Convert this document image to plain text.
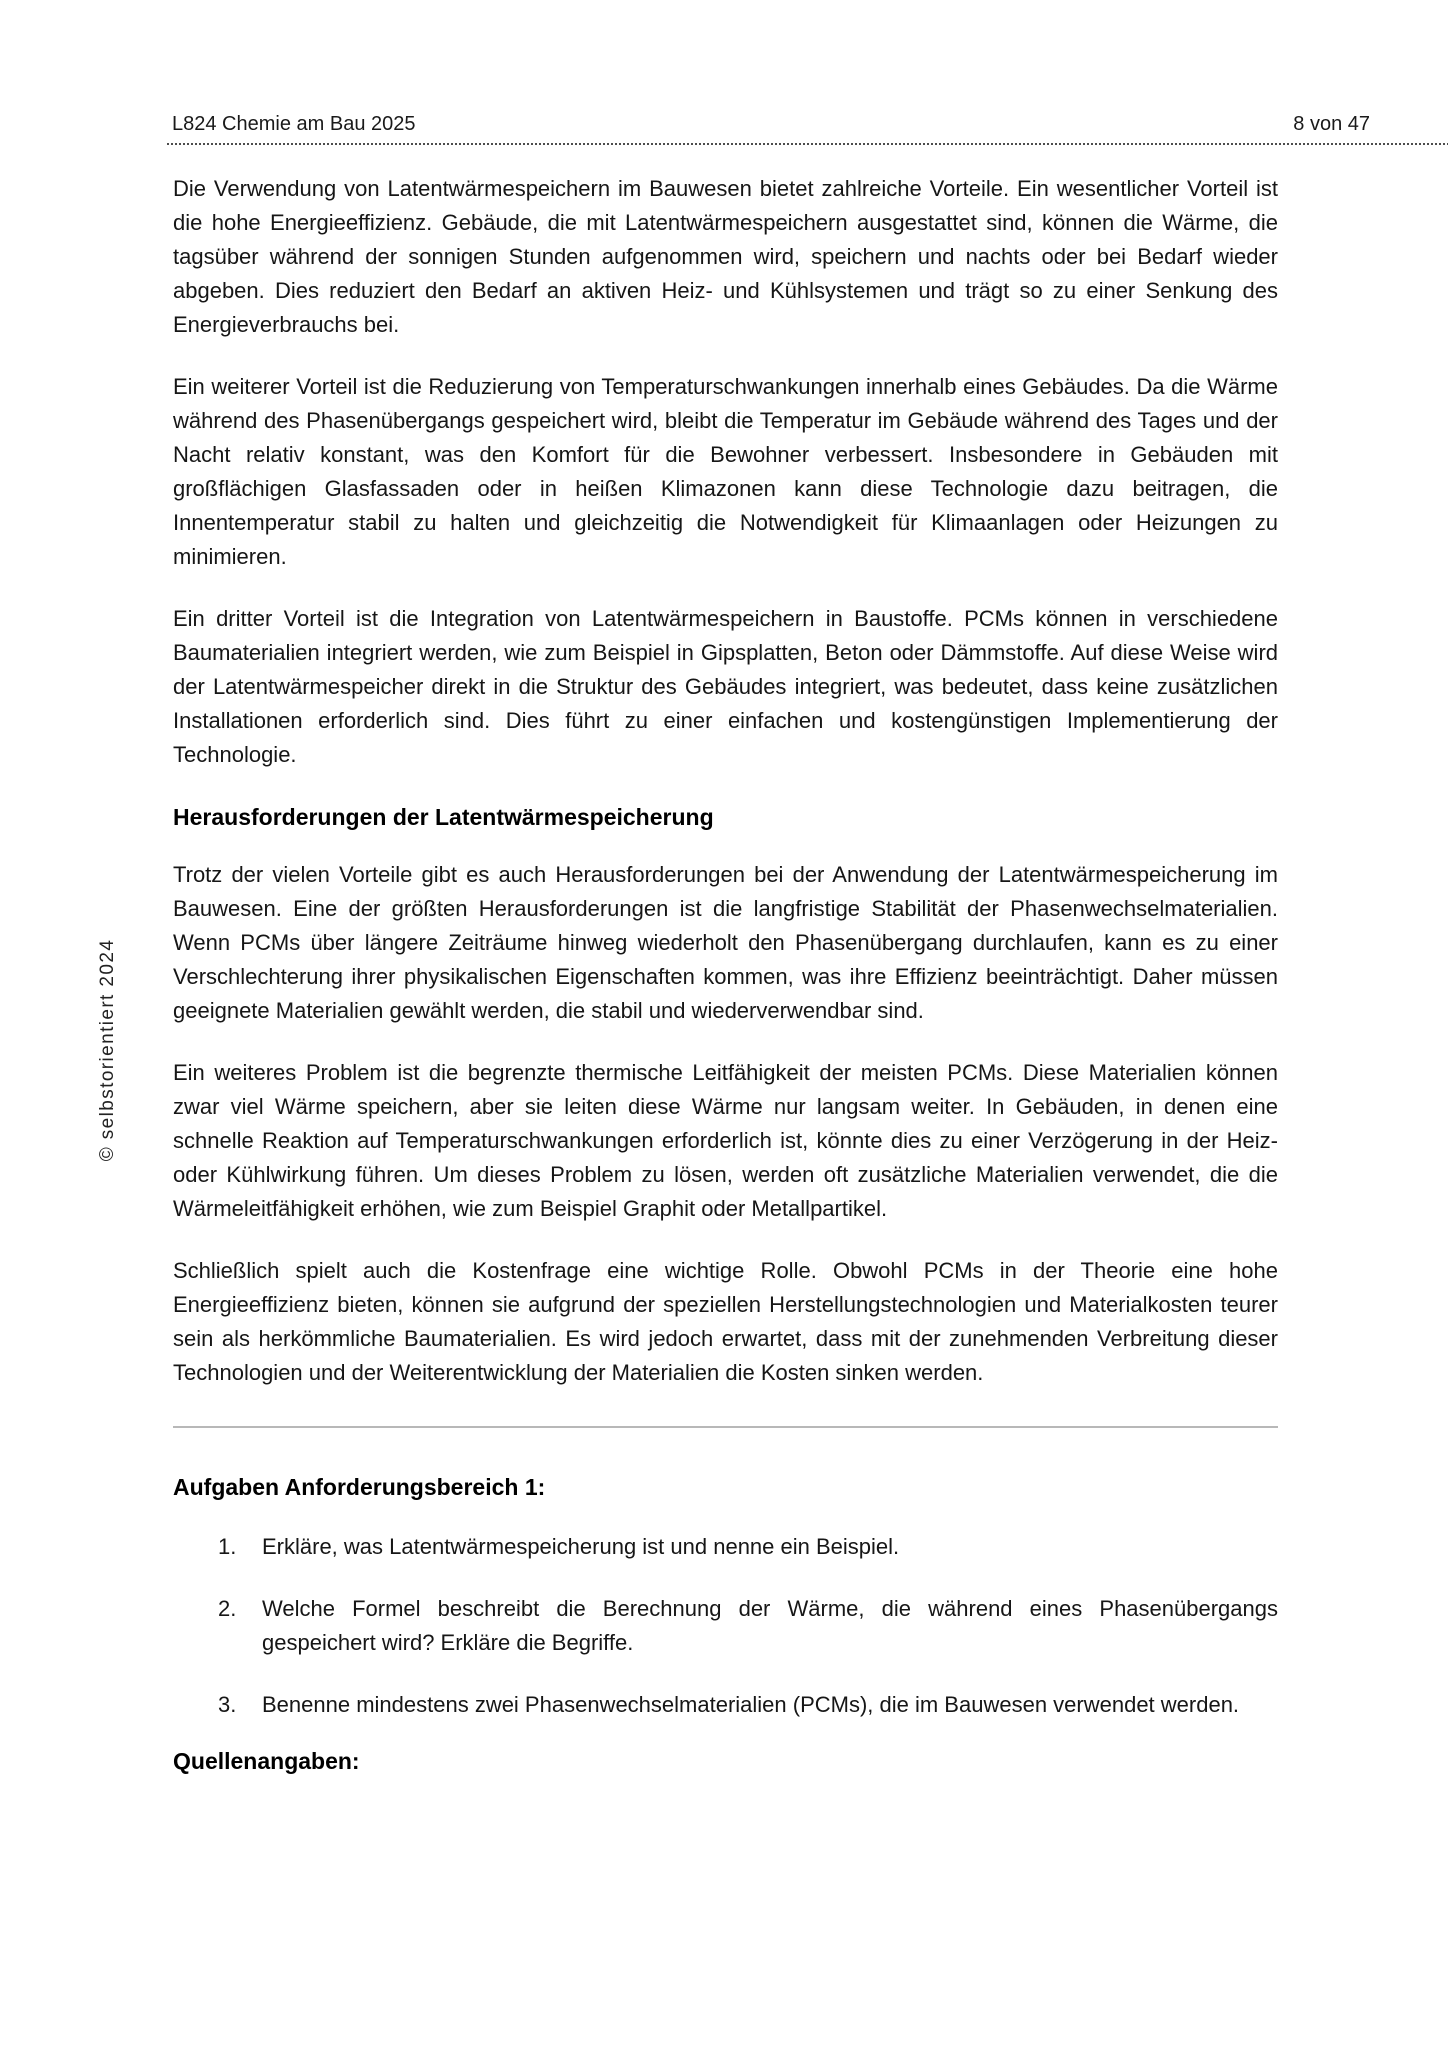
L824 Chemie am Bau 2025	8 von 47
© selbstorientiert 2024

Die Verwendung von Latentwärmespeichern im Bauwesen bietet zahlreiche Vorteile. Ein wesentlicher Vorteil ist die hohe Energieeffizienz. Gebäude, die mit Latentwärmespeichern ausgestattet sind, können die Wärme, die tagsüber während der sonnigen Stunden aufgenommen wird, speichern und nachts oder bei Bedarf wieder abgeben. Dies reduziert den Bedarf an aktiven Heiz- und Kühlsystemen und trägt so zu einer Senkung des Energieverbrauchs bei.

Ein weiterer Vorteil ist die Reduzierung von Temperaturschwankungen innerhalb eines Gebäudes. Da die Wärme während des Phasenübergangs gespeichert wird, bleibt die Temperatur im Gebäude während des Tages und der Nacht relativ konstant, was den Komfort für die Bewohner verbessert. Insbesondere in Gebäuden mit großflächigen Glasfassaden oder in heißen Klimazonen kann diese Technologie dazu beitragen, die Innentemperatur stabil zu halten und gleichzeitig die Notwendigkeit für Klimaanlagen oder Heizungen zu minimieren.

Ein dritter Vorteil ist die Integration von Latentwärmespeichern in Baustoffe. PCMs können in verschiedene Baumaterialien integriert werden, wie zum Beispiel in Gipsplatten, Beton oder Dämmstoffe. Auf diese Weise wird der Latentwärmespeicher direkt in die Struktur des Gebäudes integriert, was bedeutet, dass keine zusätzlichen Installationen erforderlich sind. Dies führt zu einer einfachen und kostengünstigen Implementierung der Technologie.

Herausforderungen der Latentwärmespeicherung

Trotz der vielen Vorteile gibt es auch Herausforderungen bei der Anwendung der Latentwärmespeicherung im Bauwesen. Eine der größten Herausforderungen ist die langfristige Stabilität der Phasenwechselmaterialien. Wenn PCMs über längere Zeiträume hinweg wiederholt den Phasenübergang durchlaufen, kann es zu einer Verschlechterung ihrer physikalischen Eigenschaften kommen, was ihre Effizienz beeinträchtigt. Daher müssen geeignete Materialien gewählt werden, die stabil und wiederverwendbar sind.

Ein weiteres Problem ist die begrenzte thermische Leitfähigkeit der meisten PCMs. Diese Materialien können zwar viel Wärme speichern, aber sie leiten diese Wärme nur langsam weiter. In Gebäuden, in denen eine schnelle Reaktion auf Temperaturschwankungen erforderlich ist, könnte dies zu einer Verzögerung in der Heiz- oder Kühlwirkung führen. Um dieses Problem zu lösen, werden oft zusätzliche Materialien verwendet, die die Wärmeleitfähigkeit erhöhen, wie zum Beispiel Graphit oder Metallpartikel.

Schließlich spielt auch die Kostenfrage eine wichtige Rolle. Obwohl PCMs in der Theorie eine hohe Energieeffizienz bieten, können sie aufgrund der speziellen Herstellungstechnologien und Materialkosten teurer sein als herkömmliche Baumaterialien. Es wird jedoch erwartet, dass mit der zunehmenden Verbreitung dieser Technologien und der Weiterentwicklung der Materialien die Kosten sinken werden.

Aufgaben Anforderungsbereich 1:
1.	Erkläre, was Latentwärmespeicherung ist und nenne ein Beispiel.
2.	Welche Formel beschreibt die Berechnung der Wärme, die während eines Phasenübergangs gespeichert wird? Erkläre die Begriffe.
3.	Benenne mindestens zwei Phasenwechselmaterialien (PCMs), die im Bauwesen verwendet werden.
Quellenangaben:
